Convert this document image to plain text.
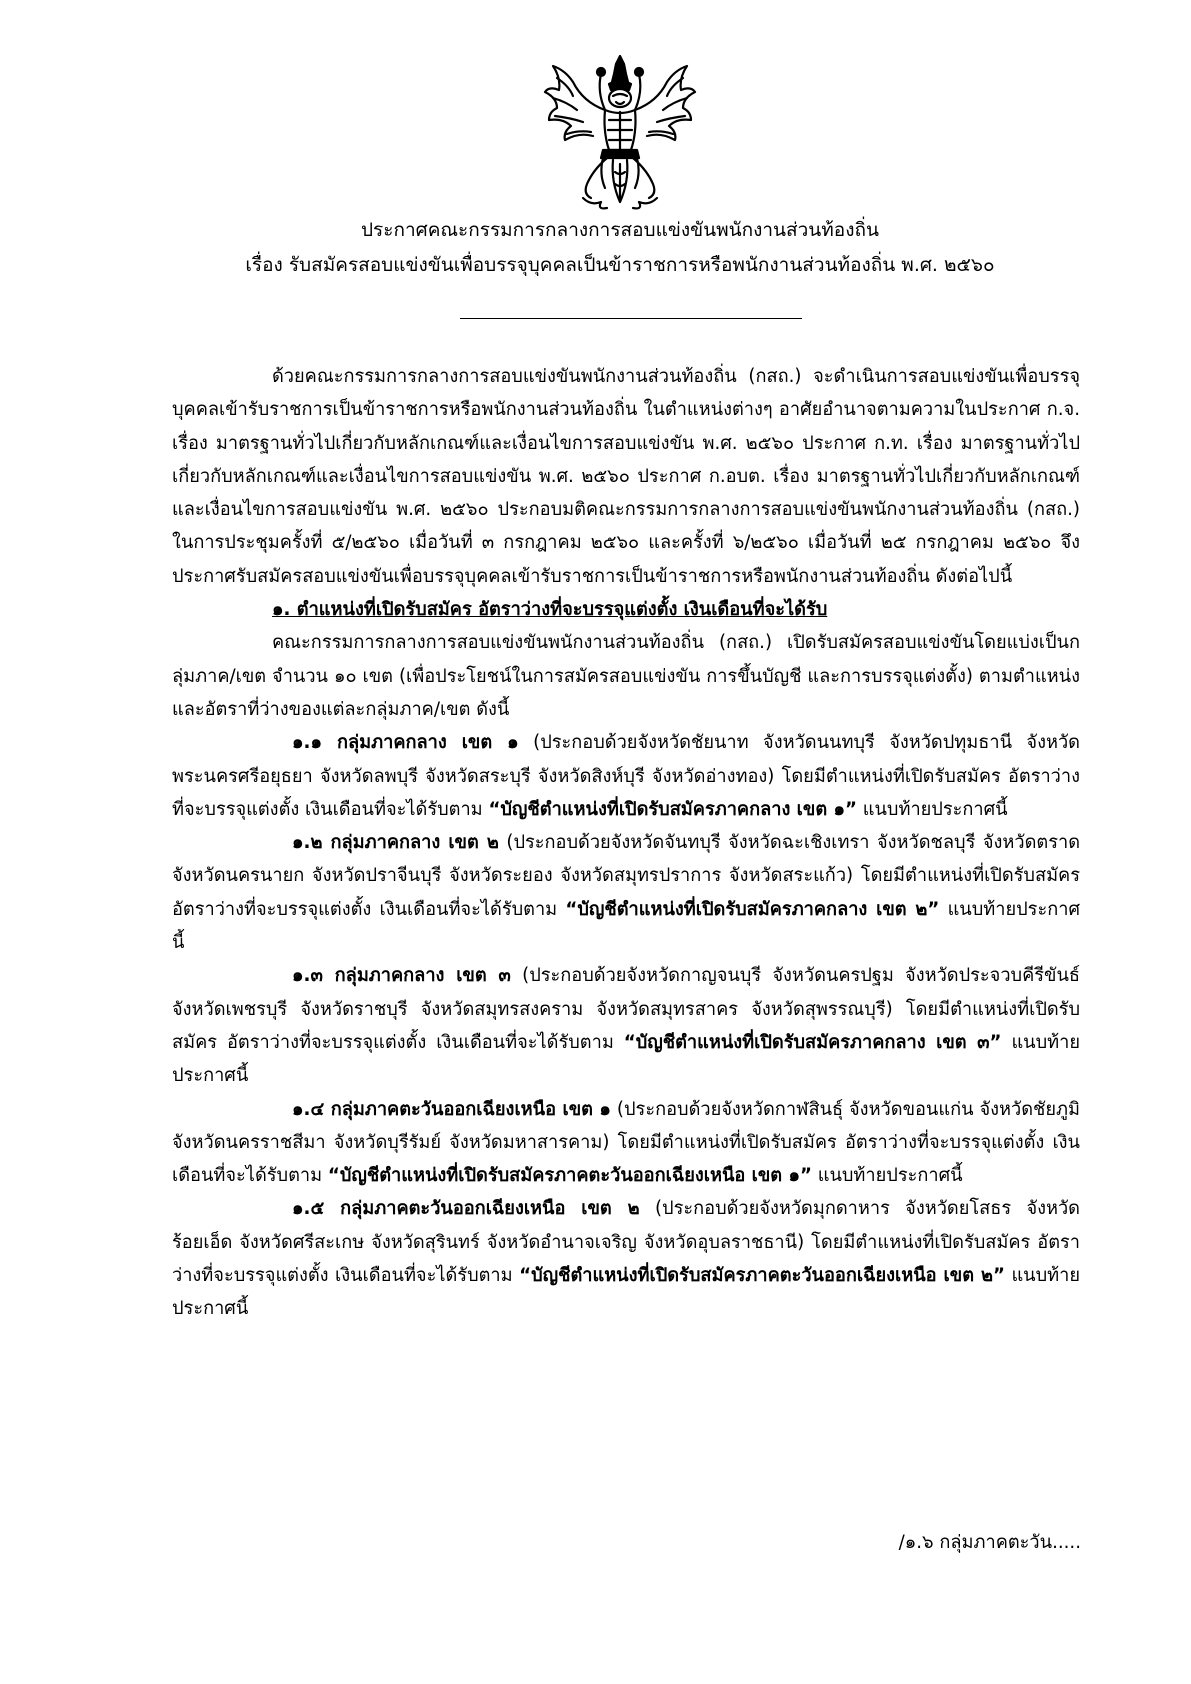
ประกาศคณะกรรมการกลางการสอบแข่งขันพนักงานส่วนท้องถิ่น
เรื่อง รับสมัครสอบแข่งขันเพื่อบรรจุบุคคลเป็นข้าราชการหรือพนักงานส่วนท้องถิ่น พ.ศ. ๒๕๖๐

ด้วยคณะกรรมการกลางการสอบแข่งขันพนักงานส่วนท้องถิ่น (กสถ.) จะดำเนินการสอบแข่งขันเพื่อบรรจุบุคคลเข้ารับราชการเป็นข้าราชการหรือพนักงานส่วนท้องถิ่น ในตำแหน่งต่างๆ อาศัยอำนาจตามความในประกาศ ก.จ. เรื่อง มาตรฐานทั่วไปเกี่ยวกับหลักเกณฑ์และเงื่อนไขการสอบแข่งขัน พ.ศ. ๒๕๖๐ ประกาศ ก.ท. เรื่อง มาตรฐานทั่วไปเกี่ยวกับหลักเกณฑ์และเงื่อนไขการสอบแข่งขัน พ.ศ. ๒๕๖๐ ประกาศ ก.อบต. เรื่อง มาตรฐานทั่วไปเกี่ยวกับหลักเกณฑ์และเงื่อนไขการสอบแข่งขัน พ.ศ. ๒๕๖๐ ประกอบมติคณะกรรมการกลางการสอบแข่งขันพนักงานส่วนท้องถิ่น (กสถ.) ในการประชุมครั้งที่ ๕/๒๕๖๐ เมื่อวันที่ ๓ กรกฎาคม ๒๕๖๐ และครั้งที่ ๖/๒๕๖๐ เมื่อวันที่ ๒๕ กรกฎาคม ๒๕๖๐ จึงประกาศรับสมัครสอบแข่งขันเพื่อบรรจุบุคคลเข้ารับราชการเป็นข้าราชการหรือพนักงานส่วนท้องถิ่น ดังต่อไปนี้

๑. ตำแหน่งที่เปิดรับสมัคร อัตราว่างที่จะบรรจุแต่งตั้ง เงินเดือนที่จะได้รับ

คณะกรรมการกลางการสอบแข่งขันพนักงานส่วนท้องถิ่น (กสถ.) เปิดรับสมัครสอบแข่งขันโดยแบ่งเป็นกลุ่มภาค/เขต จำนวน ๑๐ เขต (เพื่อประโยชน์ในการสมัครสอบแข่งขัน การขึ้นบัญชี และการบรรจุแต่งตั้ง) ตามตำแหน่งและอัตราที่ว่างของแต่ละกลุ่มภาค/เขต ดังนี้

๑.๑ กลุ่มภาคกลาง เขต ๑ (ประกอบด้วยจังหวัดชัยนาท จังหวัดนนทบุรี จังหวัดปทุมธานี จังหวัดพระนครศรีอยุธยา จังหวัดลพบุรี จังหวัดสระบุรี จังหวัดสิงห์บุรี จังหวัดอ่างทอง) โดยมีตำแหน่งที่เปิดรับสมัคร อัตราว่างที่จะบรรจุแต่งตั้ง เงินเดือนที่จะได้รับตาม “บัญชีตำแหน่งที่เปิดรับสมัครภาคกลาง เขต ๑” แนบท้ายประกาศนี้

๑.๒ กลุ่มภาคกลาง เขต ๒ (ประกอบด้วยจังหวัดจันทบุรี จังหวัดฉะเชิงเทรา จังหวัดชลบุรี จังหวัดตราด จังหวัดนครนายก จังหวัดปราจีนบุรี จังหวัดระยอง จังหวัดสมุทรปราการ จังหวัดสระแก้ว) โดยมีตำแหน่งที่เปิดรับสมัคร อัตราว่างที่จะบรรจุแต่งตั้ง เงินเดือนที่จะได้รับตาม “บัญชีตำแหน่งที่เปิดรับสมัครภาคกลาง เขต ๒” แนบท้ายประกาศนี้

๑.๓ กลุ่มภาคกลาง เขต ๓ (ประกอบด้วยจังหวัดกาญจนบุรี จังหวัดนครปฐม จังหวัดประจวบคีรีขันธ์ จังหวัดเพชรบุรี จังหวัดราชบุรี จังหวัดสมุทรสงคราม จังหวัดสมุทรสาคร จังหวัดสุพรรณบุรี) โดยมีตำแหน่งที่เปิดรับสมัคร อัตราว่างที่จะบรรจุแต่งตั้ง เงินเดือนที่จะได้รับตาม “บัญชีตำแหน่งที่เปิดรับสมัครภาคกลาง เขต ๓” แนบท้ายประกาศนี้

๑.๔ กลุ่มภาคตะวันออกเฉียงเหนือ เขต ๑ (ประกอบด้วยจังหวัดกาฬสินธุ์ จังหวัดขอนแก่น จังหวัดชัยภูมิ จังหวัดนครราชสีมา จังหวัดบุรีรัมย์ จังหวัดมหาสารคาม) โดยมีตำแหน่งที่เปิดรับสมัคร อัตราว่างที่จะบรรจุแต่งตั้ง เงินเดือนที่จะได้รับตาม “บัญชีตำแหน่งที่เปิดรับสมัครภาคตะวันออกเฉียงเหนือ เขต ๑” แนบท้ายประกาศนี้

๑.๕ กลุ่มภาคตะวันออกเฉียงเหนือ เขต ๒ (ประกอบด้วยจังหวัดมุกดาหาร จังหวัดยโสธร จังหวัดร้อยเอ็ด จังหวัดศรีสะเกษ จังหวัดสุรินทร์ จังหวัดอำนาจเจริญ จังหวัดอุบลราชธานี) โดยมีตำแหน่งที่เปิดรับสมัคร อัตราว่างที่จะบรรจุแต่งตั้ง เงินเดือนที่จะได้รับตาม “บัญชีตำแหน่งที่เปิดรับสมัครภาคตะวันออกเฉียงเหนือ เขต ๒” แนบท้ายประกาศนี้

/๑.๖ กลุ่มภาคตะวัน.....
